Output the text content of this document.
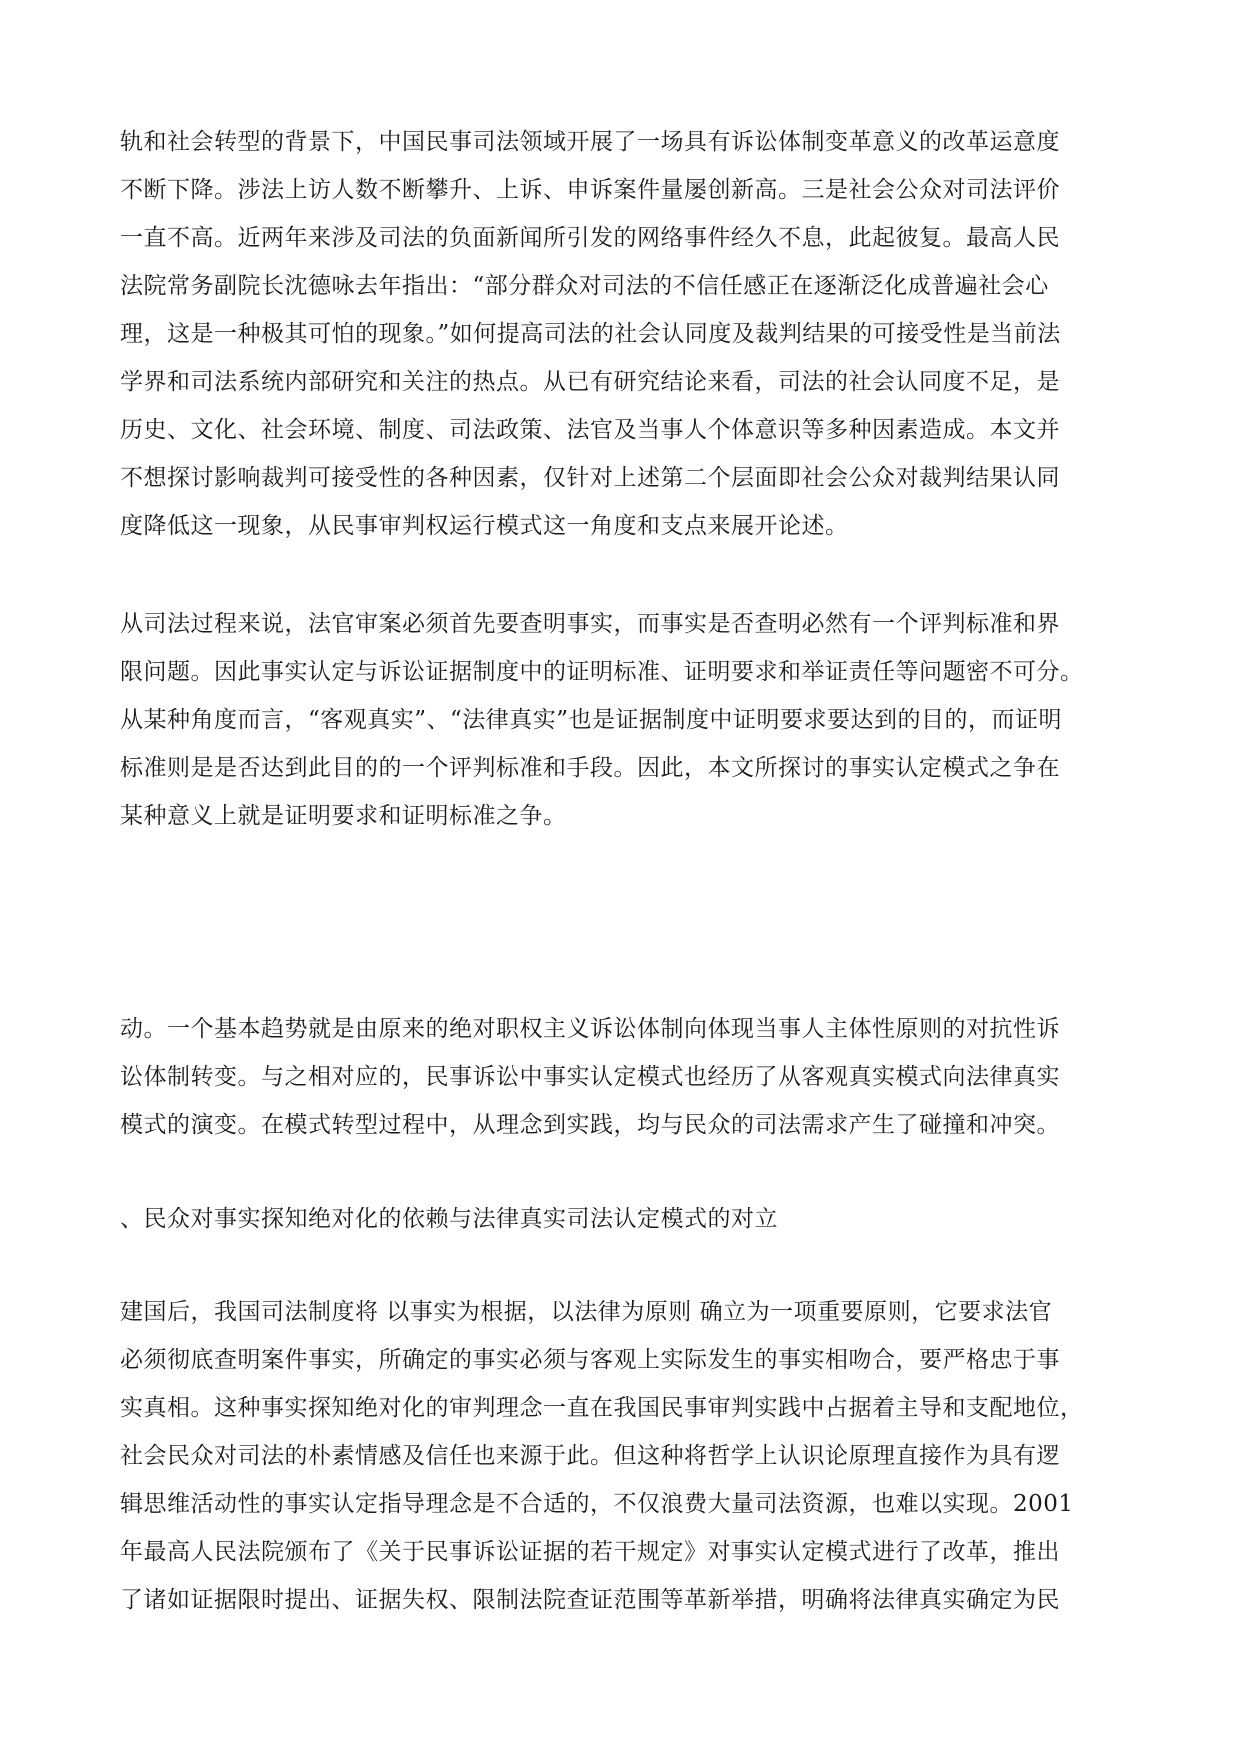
轨和社会转型的背景下，中国民事司法领域开展了一场具有诉讼体制变革意义的改革运意度
不断下降。涉法上访人数不断攀升、上诉、申诉案件量屡创新高。三是社会公众对司法评价
一直不高。近两年来涉及司法的负面新闻所引发的网络事件经久不息，此起彼复。最高人民
法院常务副院长沈德咏去年指出：“部分群众对司法的不信任感正在逐渐泛化成普遍社会心
理，这是一种极其可怕的现象。”如何提高司法的社会认同度及裁判结果的可接受性是当前法
学界和司法系统内部研究和关注的热点。从已有研究结论来看，司法的社会认同度不足，是
历史、文化、社会环境、制度、司法政策、法官及当事人个体意识等多种因素造成。本文并
不想探讨影响裁判可接受性的各种因素，仅针对上述第二个层面即社会公众对裁判结果认同
度降低这一现象，从民事审判权运行模式这一角度和支点来展开论述。

从司法过程来说，法官审案必须首先要查明事实，而事实是否查明必然有一个评判标准和界
限问题。因此事实认定与诉讼证据制度中的证明标准、证明要求和举证责任等问题密不可分。
从某种角度而言，“客观真实”、“法律真实”也是证据制度中证明要求要达到的目的，而证明
标准则是是否达到此目的的一个评判标准和手段。因此，本文所探讨的事实认定模式之争在
某种意义上就是证明要求和证明标准之争。

动。一个基本趋势就是由原来的绝对职权主义诉讼体制向体现当事人主体性原则的对抗性诉
讼体制转变。与之相对应的，民事诉讼中事实认定模式也经历了从客观真实模式向法律真实
模式的演变。在模式转型过程中，从理念到实践，均与民众的司法需求产生了碰撞和冲突。

、民众对事实探知绝对化的依赖与法律真实司法认定模式的对立

建国后，我国司法制度将 以事实为根据，以法律为原则 确立为一项重要原则，它要求法官
必须彻底查明案件事实，所确定的事实必须与客观上实际发生的事实相吻合，要严格忠于事
实真相。这种事实探知绝对化的审判理念一直在我国民事审判实践中占据着主导和支配地位，
社会民众对司法的朴素情感及信任也来源于此。但这种将哲学上认识论原理直接作为具有逻
辑思维活动性的事实认定指导理念是不合适的，不仅浪费大量司法资源，也难以实现。2001
年最高人民法院颁布了《关于民事诉讼证据的若干规定》对事实认定模式进行了改革，推出
了诸如证据限时提出、证据失权、限制法院查证范围等革新举措，明确将法律真实确定为民
